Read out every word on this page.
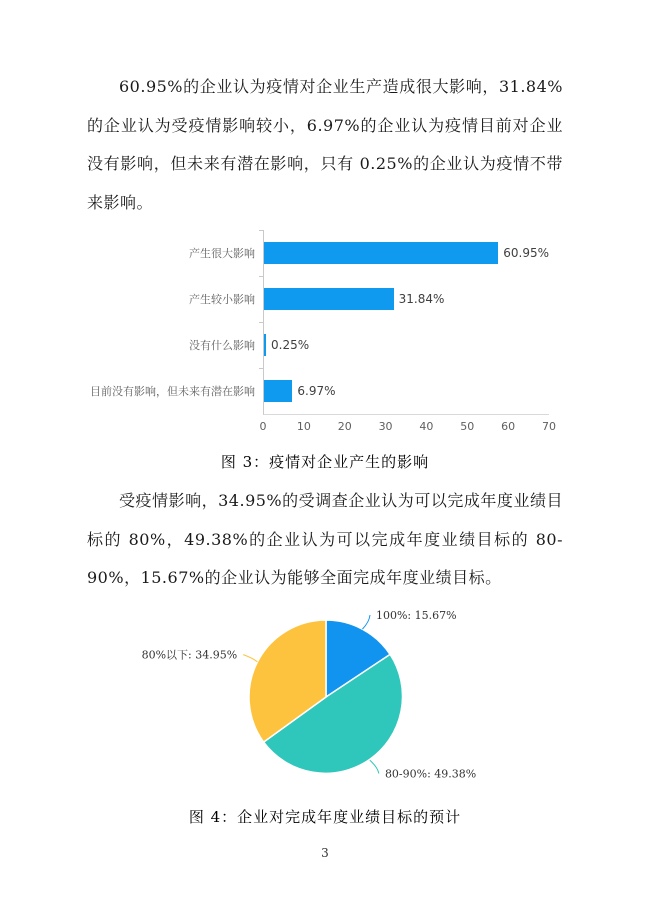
60.95%的企业认为疫情对企业生产造成很大影响，31.84%的企业认为受疫情影响较小，6.97%的企业认为疫情目前对企业没有影响，但未来有潜在影响，只有 0.25%的企业认为疫情不带来影响。

产生很大影响
产生较小影响
没有什么影响
目前没有影响，但未来有潜在影响
60.95%
31.84%
0.25%
6.97%
0	10 20 30 40 50 60 70

图 3：疫情对企业产生的影响

受疫情影响，34.95%的受调查企业认为可以完成年度业绩目标的 80%，49.38%的企业认为可以完成年度业绩目标的 80-90%，15.67%的企业认为能够全面完成年度业绩目标。

100%: 15.67%
80-90%: 49.38%
80%以下: 34.95%

图 4：企业对完成年度业绩目标的预计

3
